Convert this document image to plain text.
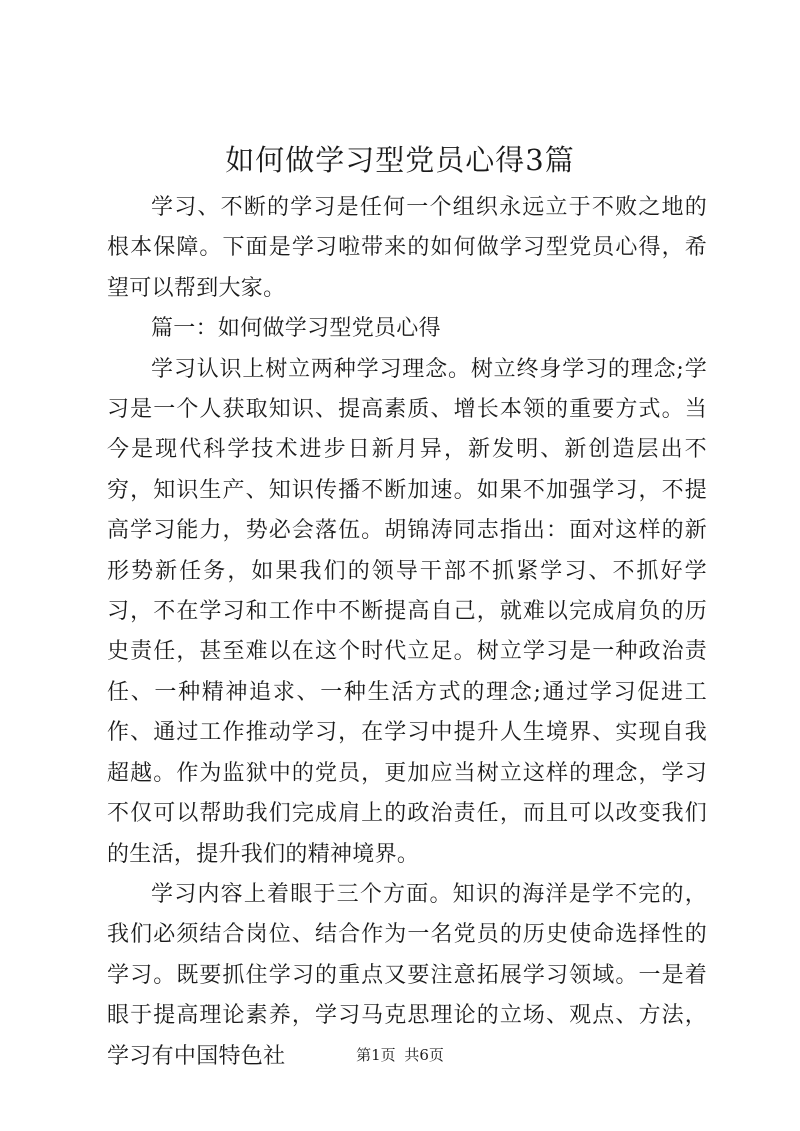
如何做学习型党员心得3篇

学习、不断的学习是任何一个组织永远立于不败之地的根本保障。下面是学习啦带来的如何做学习型党员心得，希望可以帮到大家。

篇一：如何做学习型党员心得

学习认识上树立两种学习理念。树立终身学习的理念;学习是一个人获取知识、提高素质、增长本领的重要方式。当今是现代科学技术进步日新月异，新发明、新创造层出不穷，知识生产、知识传播不断加速。如果不加强学习，不提高学习能力，势必会落伍。胡锦涛同志指出：面对这样的新形势新任务，如果我们的领导干部不抓紧学习、不抓好学习，不在学习和工作中不断提高自己，就难以完成肩负的历史责任，甚至难以在这个时代立足。树立学习是一种政治责任、一种精神追求、一种生活方式的理念;通过学习促进工作、通过工作推动学习，在学习中提升人生境界、实现自我超越。作为监狱中的党员，更加应当树立这样的理念，学习不仅可以帮助我们完成肩上的政治责任，而且可以改变我们的生活，提升我们的精神境界。

学习内容上着眼于三个方面。知识的海洋是学不完的，我们必须结合岗位、结合作为一名党员的历史使命选择性的学习。既要抓住学习的重点又要注意拓展学习领域。一是着眼于提高理论素养，学习马克思理论的立场、观点、方法，学习有中国特色社	第1页 共6页
